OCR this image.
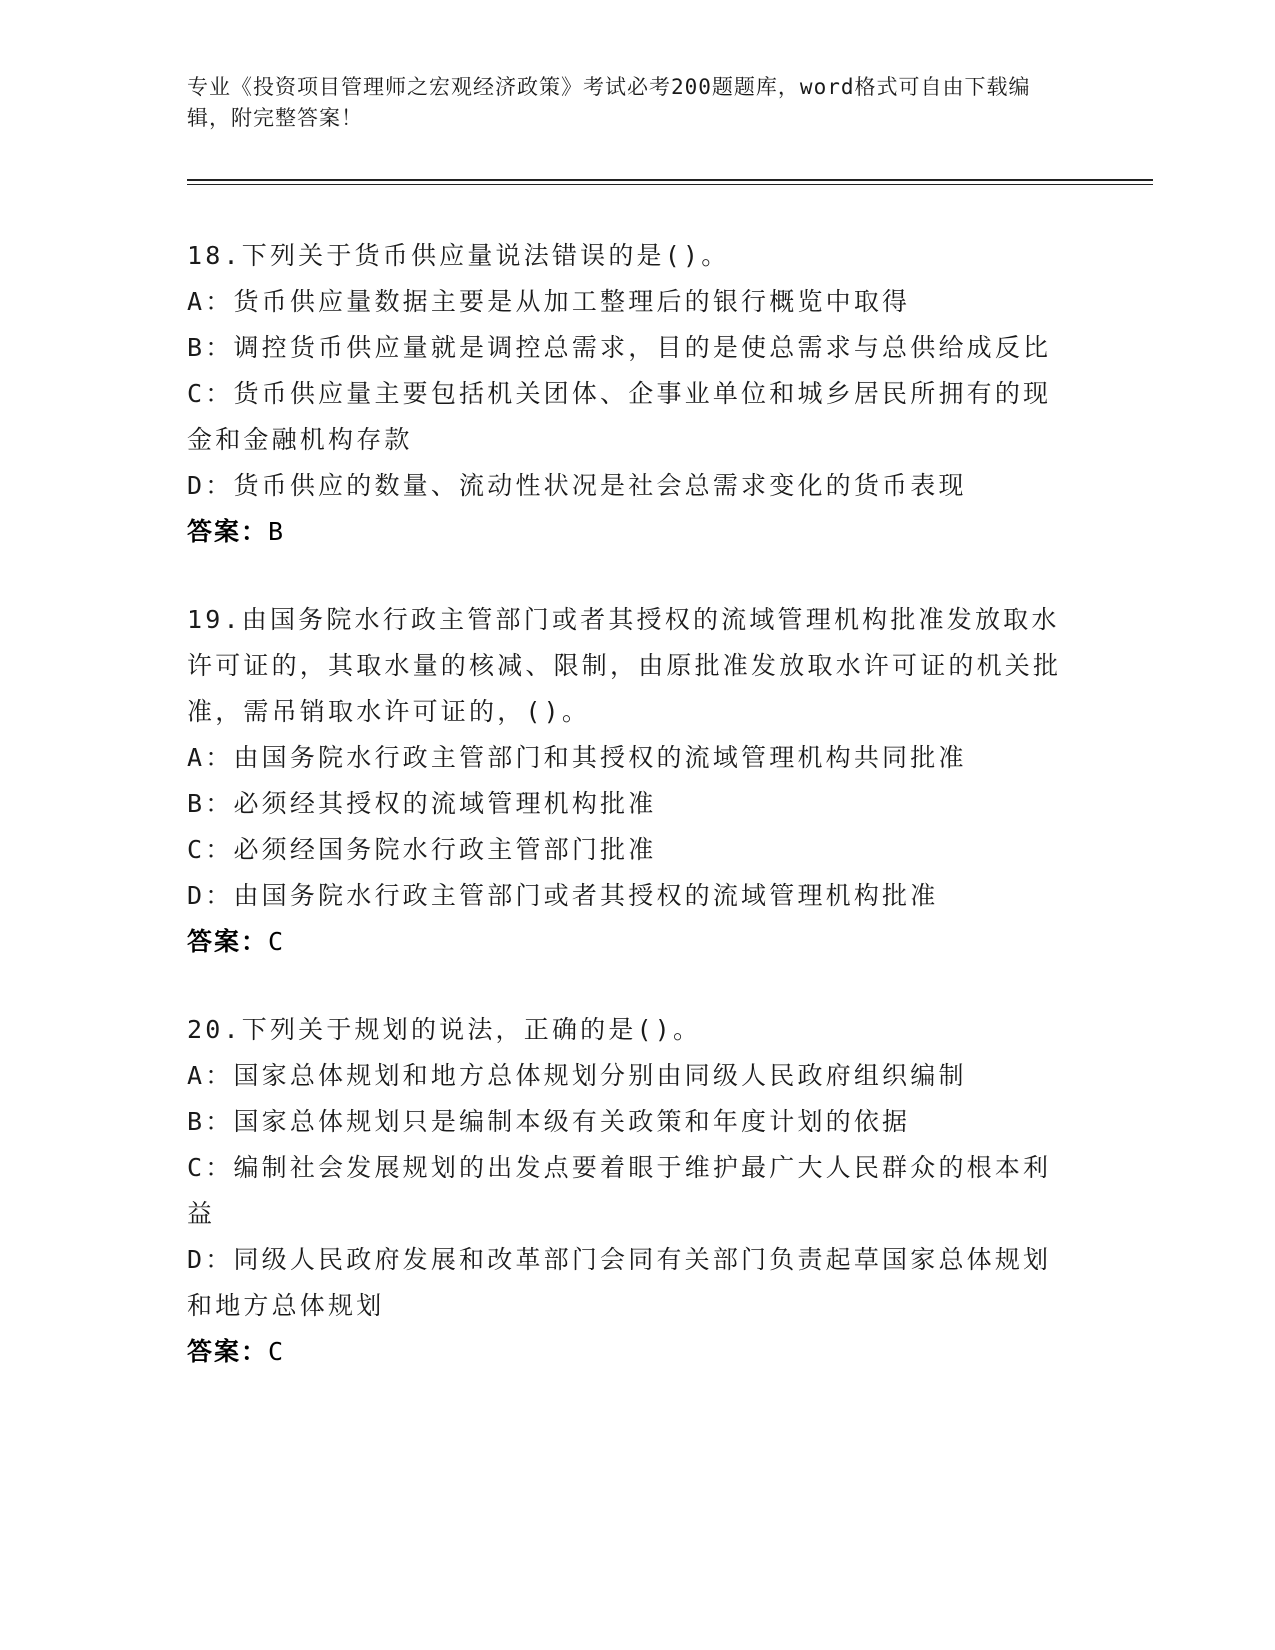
专业《投资项目管理师之宏观经济政策》考试必考200题题库，word格式可自由下载编辑，附完整答案！
18.下列关于货币供应量说法错误的是()。
A：货币供应量数据主要是从加工整理后的银行概览中取得
B：调控货币供应量就是调控总需求，目的是使总需求与总供给成反比
C：货币供应量主要包括机关团体、企事业单位和城乡居民所拥有的现金和金融机构存款
D：货币供应的数量、流动性状况是社会总需求变化的货币表现
答案：B
19.由国务院水行政主管部门或者其授权的流域管理机构批准发放取水许可证的，其取水量的核减、限制，由原批准发放取水许可证的机关批准，需吊销取水许可证的，()。
A：由国务院水行政主管部门和其授权的流域管理机构共同批准
B：必须经其授权的流域管理机构批准
C：必须经国务院水行政主管部门批准
D：由国务院水行政主管部门或者其授权的流域管理机构批准
答案：C
20.下列关于规划的说法，正确的是()。
A：国家总体规划和地方总体规划分别由同级人民政府组织编制
B：国家总体规划只是编制本级有关政策和年度计划的依据
C：编制社会发展规划的出发点要着眼于维护最广大人民群众的根本利益
D：同级人民政府发展和改革部门会同有关部门负责起草国家总体规划和地方总体规划
答案：C
